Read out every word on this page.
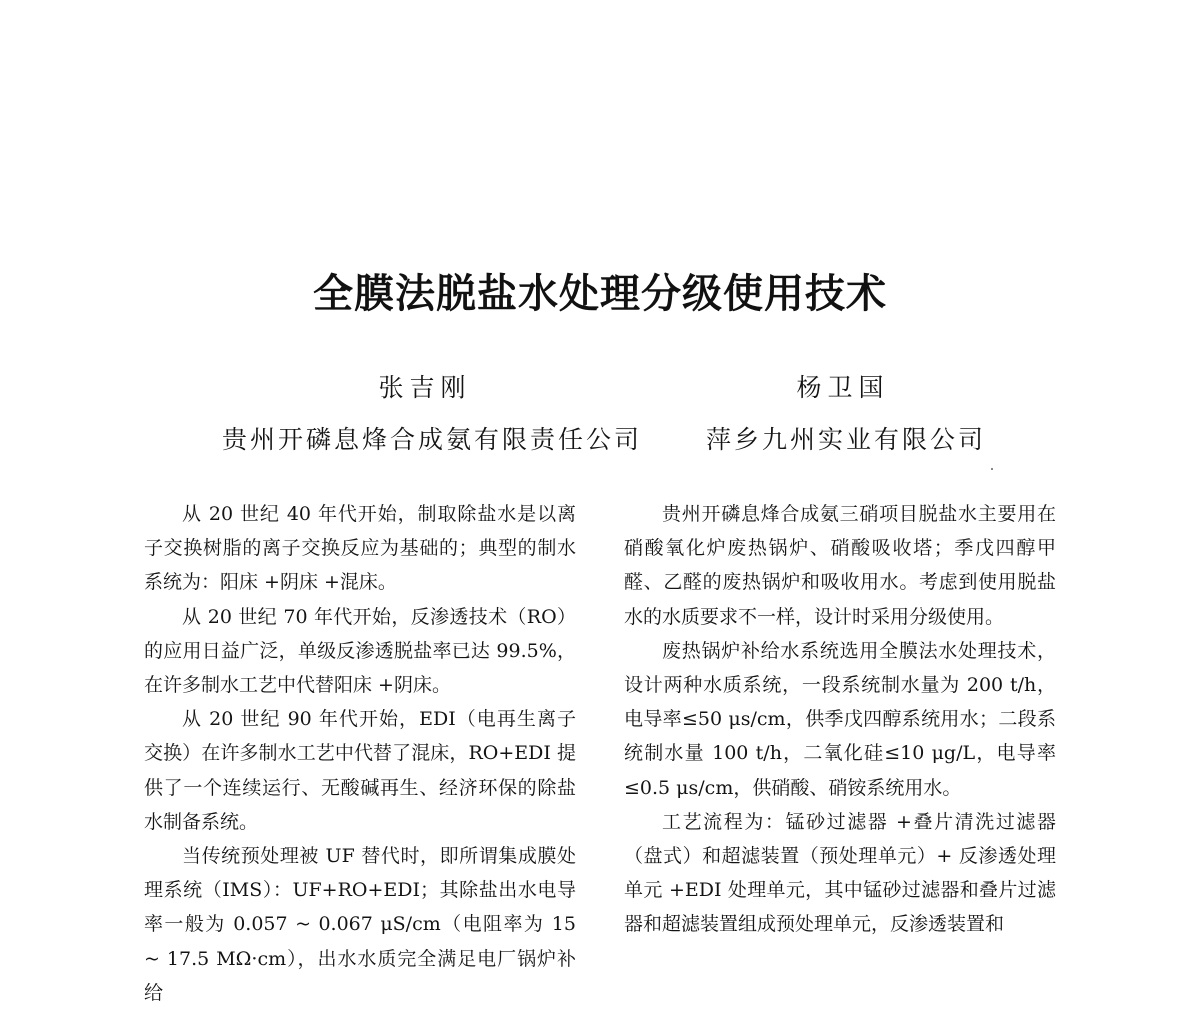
全膜法脱盐水处理分级使用技术
张吉刚	杨卫国
贵州开磷息烽合成氨有限责任公司	萍乡九州实业有限公司

从 20 世纪 40 年代开始，制取除盐水是以离子交换树脂的离子交换反应为基础的；典型的制水系统为：阳床 +阴床 +混床。

从 20 世纪 70 年代开始，反渗透技术（RO）的应用日益广泛，单级反渗透脱盐率已达 99.5%，在许多制水工艺中代替阳床 +阴床。

从 20 世纪 90 年代开始，EDI（电再生离子交换）在许多制水工艺中代替了混床，RO+EDI 提供了一个连续运行、无酸碱再生、经济环保的除盐水制备系统。

当传统预处理被 UF 替代时，即所谓集成膜处理系统（IMS）：UF+RO+EDI；其除盐出水电导率一般为 0.057 ~ 0.067 μS/cm（电阻率为 15 ~ 17.5 MΩ·cm），出水水质完全满足电厂锅炉补给

贵州开磷息烽合成氨三硝项目脱盐水主要用在硝酸氧化炉废热锅炉、硝酸吸收塔；季戊四醇甲醛、乙醛的废热锅炉和吸收用水。考虑到使用脱盐水的水质要求不一样，设计时采用分级使用。

废热锅炉补给水系统选用全膜法水处理技术，设计两种水质系统，一段系统制水量为 200 t/h，电导率≤50 μs/cm，供季戊四醇系统用水；二段系统制水量 100 t/h，二氧化硅≤10 μg/L，电导率≤0.5 μs/cm，供硝酸、硝铵系统用水。

工艺流程为：锰砂过滤器 +叠片清洗过滤器（盘式）和超滤装置（预处理单元）+ 反渗透处理单元 +EDI 处理单元，其中锰砂过滤器和叠片过滤器和超滤装置组成预处理单元，反渗透装置和
